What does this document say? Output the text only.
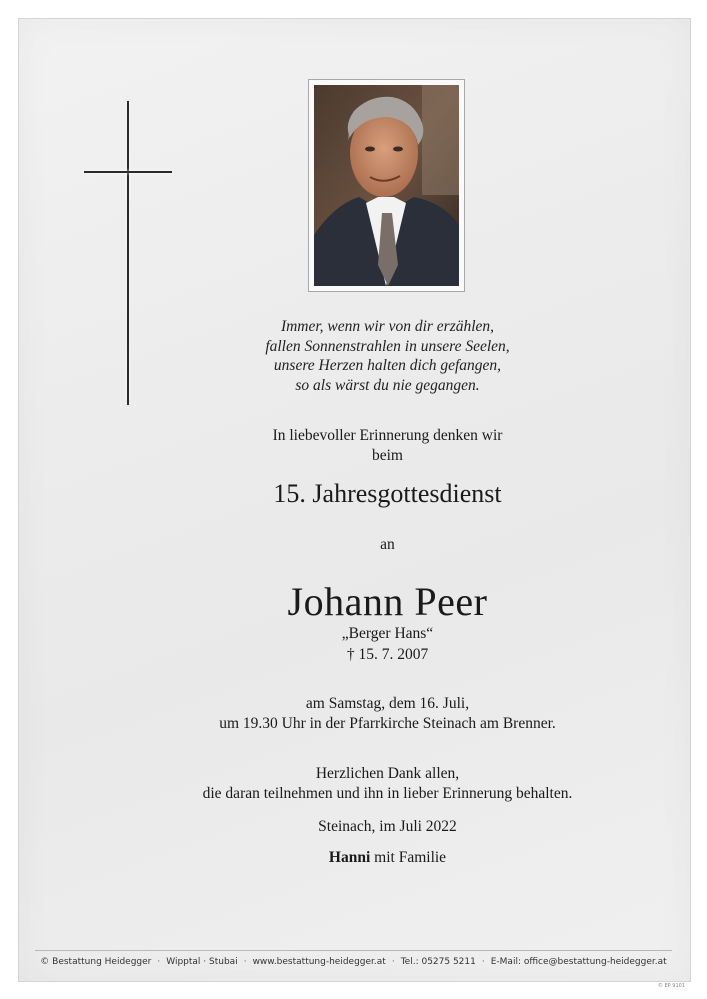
Immer, wenn wir von dir erzählen,
fallen Sonnenstrahlen in unsere Seelen,
unsere Herzen halten dich gefangen,
so als wärst du nie gegangen.
In liebevoller Erinnerung denken wir
beim
15. Jahresgottesdienst
an
Johann Peer
„Berger Hans“
† 15. 7. 2007
am Samstag, dem 16. Juli,
um 19.30 Uhr in der Pfarrkirche Steinach am Brenner.
Herzlichen Dank allen,
die daran teilnehmen und ihn in lieber Erinnerung behalten.
Steinach, im Juli 2022
Hanni mit Familie
© Bestattung Heidegger · Wipptal · Stubai · www.bestattung-heidegger.at · Tel.: 05275 5211 · E-Mail: office@bestattung-heidegger.at
© EP 9101
